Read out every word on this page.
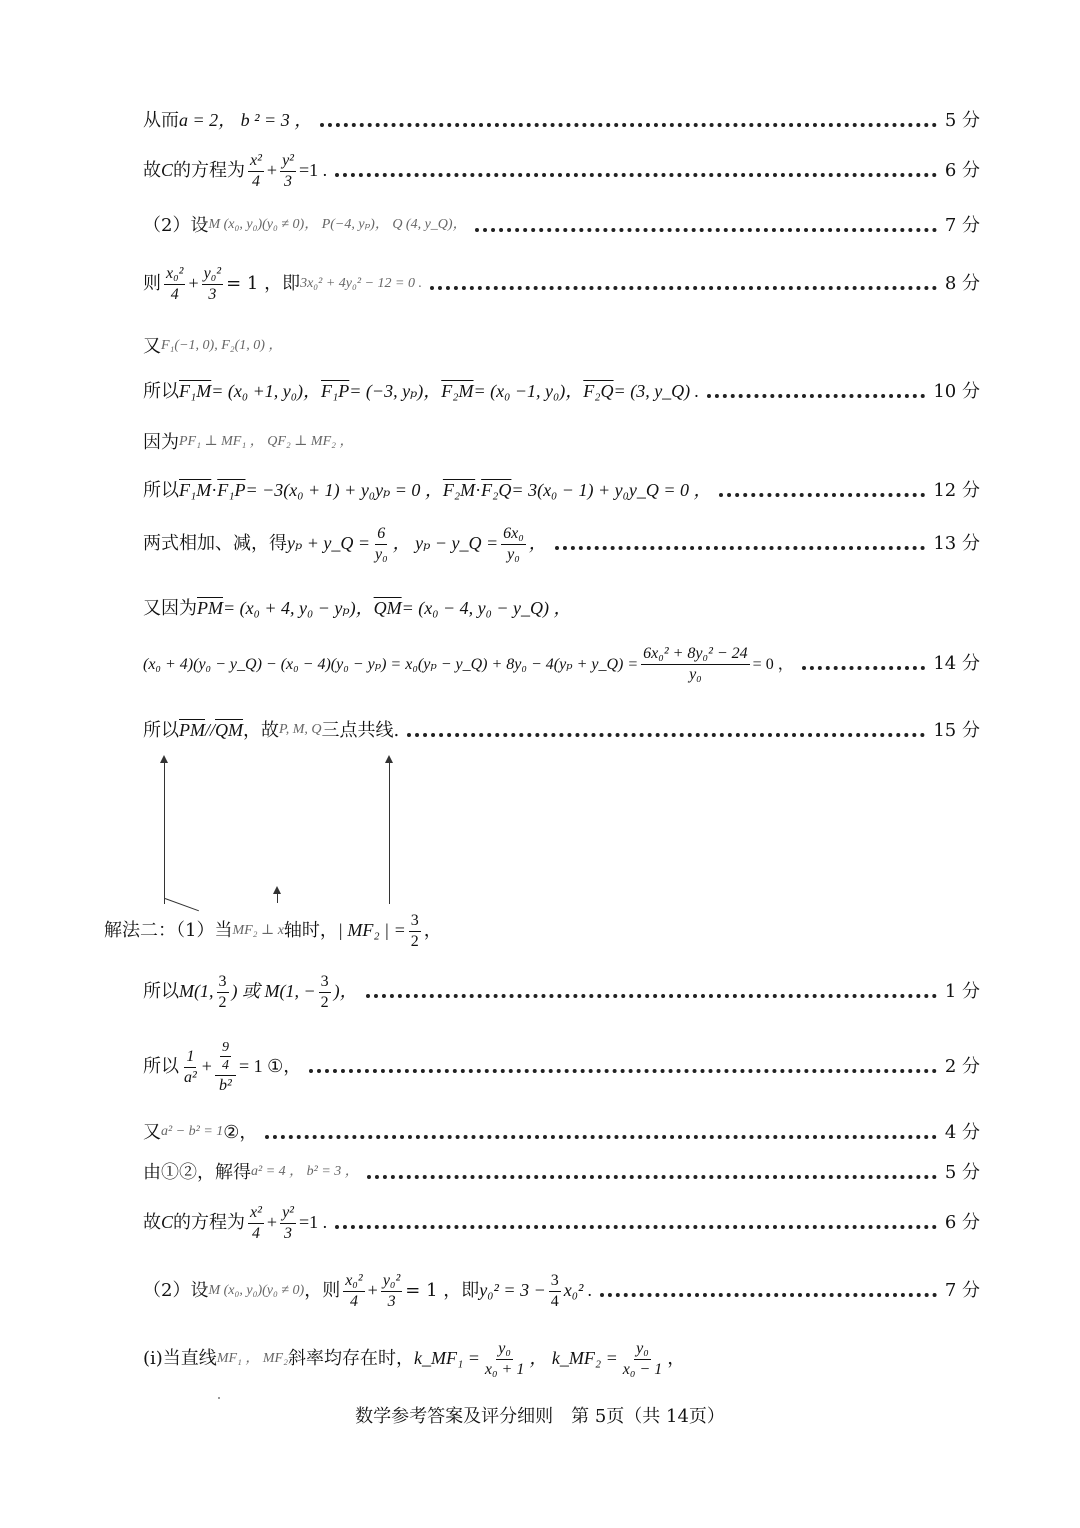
从而 a = 2， b ² = 3 ，	5 分
故 C 的方程为 $\frac{\text{x²}}{4} + \frac{\text{y²}}{3} =1$ .	6 分
（2）设 M (x₀, y₀)(y₀ ≠ 0)， P(−4, yₚ)， Q (4, y_Q)，	7 分
则 $\frac{\text{x₀²}}{4} + \frac{\text{y₀²}}{3} = 1$ ，即 3x₀² + 4y₀² − 12 = 0 .	8 分
又 F₁(−1, 0), F₂(1, 0) ，
所以 F₁M = (x₀ +1, y₀)， F₁P = (−3, yₚ)， F₂M = (x₀ −1, y₀)， F₂Q = (3, y_Q) .	10 分
因为 PF₁ ⊥ MF₁ ， QF₂ ⊥ MF₂ ，
所以 F₁M · F₁P = −3(x₀ + 1) + y₀yₚ = 0 ， F₂M · F₂Q = 3(x₀ − 1) + y₀y_Q = 0 ，	12 分
两式相加、减，得 yₚ + y_Q = $\frac{6}{\text{y₀}}$ ， yₚ − y_Q = $\frac{\text{6x₀}}{\text{y₀}}$ ，	13 分
又因为 $\overline{PM} = (x_0 + 4$, y₀ − yₚ)， $\overline{QM} = (x_0 - 4$, y₀ − y_Q) ，
(x₀ + 4)(y₀ − y_Q) − (x₀ − 4)(y₀ − yₚ) = x₀(yₚ − y_Q) + 8y₀ − 4(yₚ + y_Q) = $\frac{\text{6x₀² + 8y₀² − 24}}{\text{y₀}} = 0$ ，	14 分
所以 $\overline{PM} // \overline{QM}$ ，故 P, M, Q 三点共线.	15 分
解法二：（1）当 MF₂ ⊥ x 轴时， | MF₂ | = $\frac{3}{2}$ ，
所以 M(1, $\frac{3}{2}$ ) 或 M(1, − $\frac{3}{2}$ )，	1 分
所以 $\frac{1}{\text{a²}} + \frac{\frac{9}{4}}{\text{b²}} = 1$ ①，	2 分
又 a² − b² = 1 ②，	4 分
由①②，解得 a² = 4 ， b² = 3 ，	5 分
故 C 的方程为 $\frac{\text{x²}}{4} + \frac{\text{y²}}{3} =1$ .	6 分
（2）设 M (x₀, y₀)(y₀ ≠ 0) ，则 $\frac{\text{x₀²}}{4} + \frac{\text{y₀²}}{3} = 1$ ，即 $y_0^2 = 3 - \frac{3}{4} x_0^2$ .	7 分
(i)当直线 MF₁ ， MF₂ 斜率均存在时， k_MF₁ = $\frac{\text{y₀}}{\text{x₀ + 1}}$ ， k_MF₂ = $\frac{\text{y₀}}{\text{x₀ − 1}}$ ，
数学参考答案及评分细则　第 5页（共 14页）
